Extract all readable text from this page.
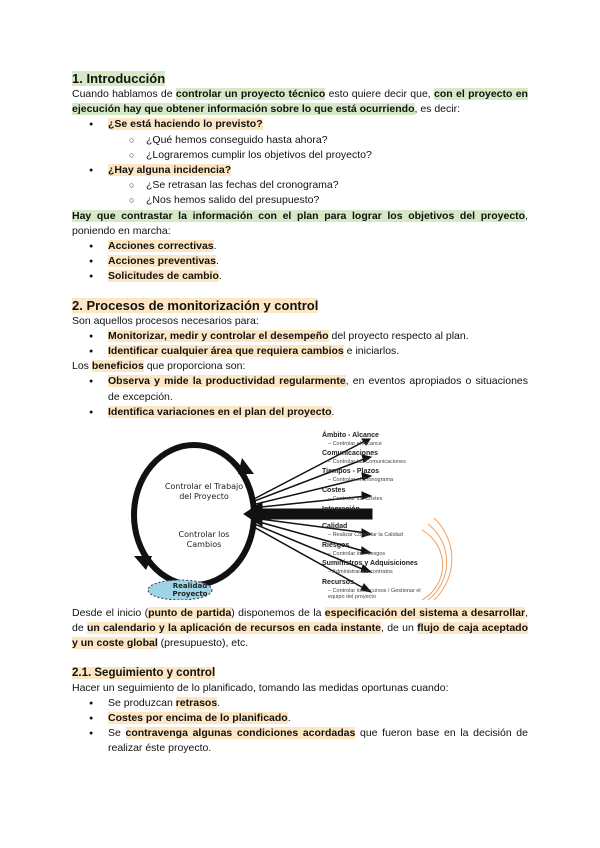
1. Introducción

Cuando hablamos de controlar un proyecto técnico esto quiere decir que, con el proyecto en ejecución hay que obtener información sobre lo que está ocurriendo, es decir:

● ¿Se está haciendo lo previsto?
○ ¿Qué hemos conseguido hasta ahora?
○ ¿Lograremos cumplir los objetivos del proyecto?
● ¿Hay alguna incidencia?
○ ¿Se retrasan las fechas del cronograma?
○ ¿Nos hemos salido del presupuesto?

Hay que contrastar la información con el plan para lograr los objetivos del proyecto, poniendo en marcha:

● Acciones correctivas.
● Acciones preventivas.
● Solicitudes de cambio.
2. Procesos de monitorización y control

Son aquellos procesos necesarios para:

● Monitorizar, medir y controlar el desempeño del proyecto respecto al plan.
● Identificar cualquier área que requiera cambios e iniciarlos.

Los beneficios que proporciona son:

● Observa y mide la productividad regularmente, en eventos apropiados o situaciones de excepción.
● Identifica variaciones en el plan del proyecto.
Controlar el Trabajo del Proyecto
Controlar los Cambios
Realidad Proyecto
Ámbito - Alcance
– Controlar el Alcance
Comunicaciones
– Controlar las Comunicaciones
Tiempos - Plazos
– Controlar el Cronograma
Costes
– Controlar los Costes
Integración
Calidad
– Realizar Controlar la Calidad
Riesgos
– Controlar los Riesgos
Suministros y Adquisiciones
– Administrar los contratos
Recursos
– Controlar los recursos / Gestionar el equipo del proyecto

Desde el inicio (punto de partida) disponemos de la especificación del sistema a desarrollar, de un calendario y la aplicación de recursos en cada instante, de un flujo de caja aceptado y un coste global (presupuesto), etc.

2.1. Seguimiento y control

Hacer un seguimiento de lo planificado, tomando las medidas oportunas cuando:

● Se produzcan retrasos.
● Costes por encima de lo planificado.
● Se contravenga algunas condiciones acordadas que fueron base en la decisión de realizar éste proyecto.
